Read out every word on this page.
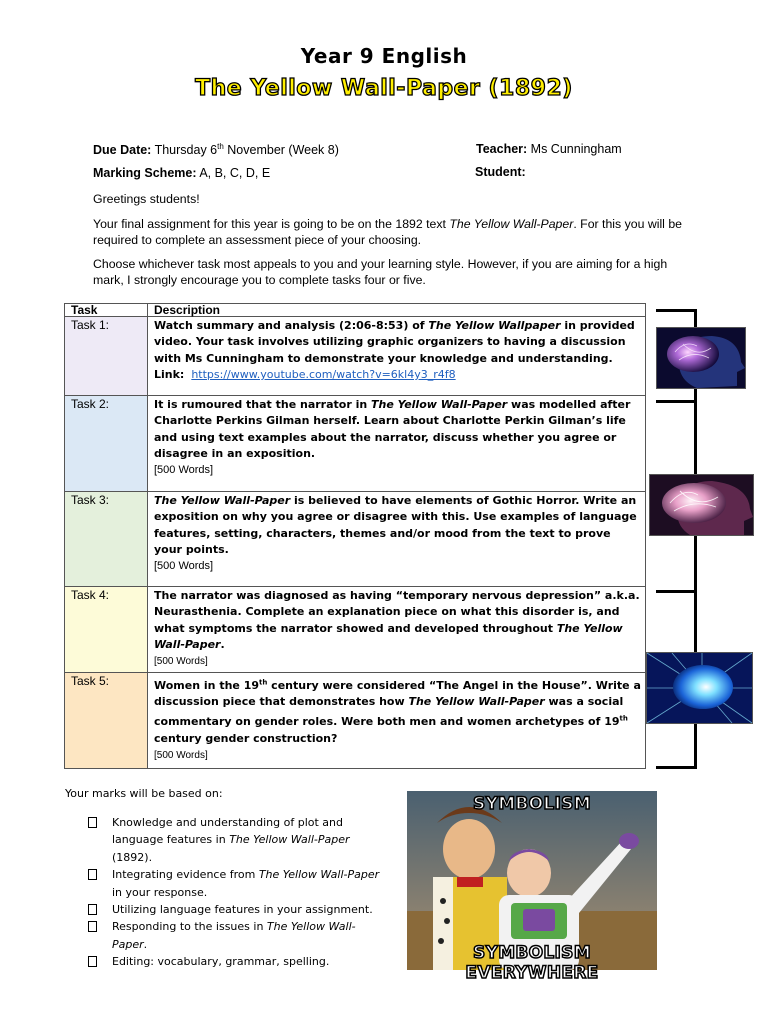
Year 9 English
The Yellow Wall-Paper (1892)
Due Date: Thursday 6th November (Week 8)	Teacher: Ms Cunningham
Marking Scheme: A, B, C, D, E	Student:
Greetings students!
Your final assignment for this year is going to be on the 1892 text The Yellow Wall-Paper. For this you will be required to complete an assessment piece of your choosing.
Choose whichever task most appeals to you and your learning style. However, if you are aiming for a high mark, I strongly encourage you to complete tasks four or five.
Task	Description
Task 1:	Watch summary and analysis (2:06-8:53) of The Yellow Wallpaper in provided video. Your task involves utilizing graphic organizers to having a discussion with Ms Cunningham to demonstrate your knowledge and understanding.
Link: https://www.youtube.com/watch?v=6kl4y3_r4f8
Task 2:	It is rumoured that the narrator in The Yellow Wall-Paper was modelled after Charlotte Perkins Gilman herself. Learn about Charlotte Perkin Gilman’s life and using text examples about the narrator, discuss whether you agree or disagree in an exposition.
[500 Words]
Task 3:	The Yellow Wall-Paper is believed to have elements of Gothic Horror. Write an exposition on why you agree or disagree with this. Use examples of language features, setting, characters, themes and/or mood from the text to prove your points.
[500 Words]
Task 4:	The narrator was diagnosed as having “temporary nervous depression” a.k.a. Neurasthenia. Complete an explanation piece on what this disorder is, and what symptoms the narrator showed and developed throughout The Yellow Wall-Paper.
[500 Words]
Task 5:	Women in the 19th century were considered “The Angel in the House”. Write a discussion piece that demonstrates how The Yellow Wall-Paper was a social commentary on gender roles. Were both men and women archetypes of 19th century gender construction?
[500 Words]
Your marks will be based on:
Knowledge and understanding of plot and language features in The Yellow Wall-Paper (1892).
Integrating evidence from The Yellow Wall-Paper in your response.
Utilizing language features in your assignment.
Responding to the issues in The Yellow Wall-Paper.
Editing: vocabulary, grammar, spelling.
SYMBOLISM
SYMBOLISM EVERYWHERE
